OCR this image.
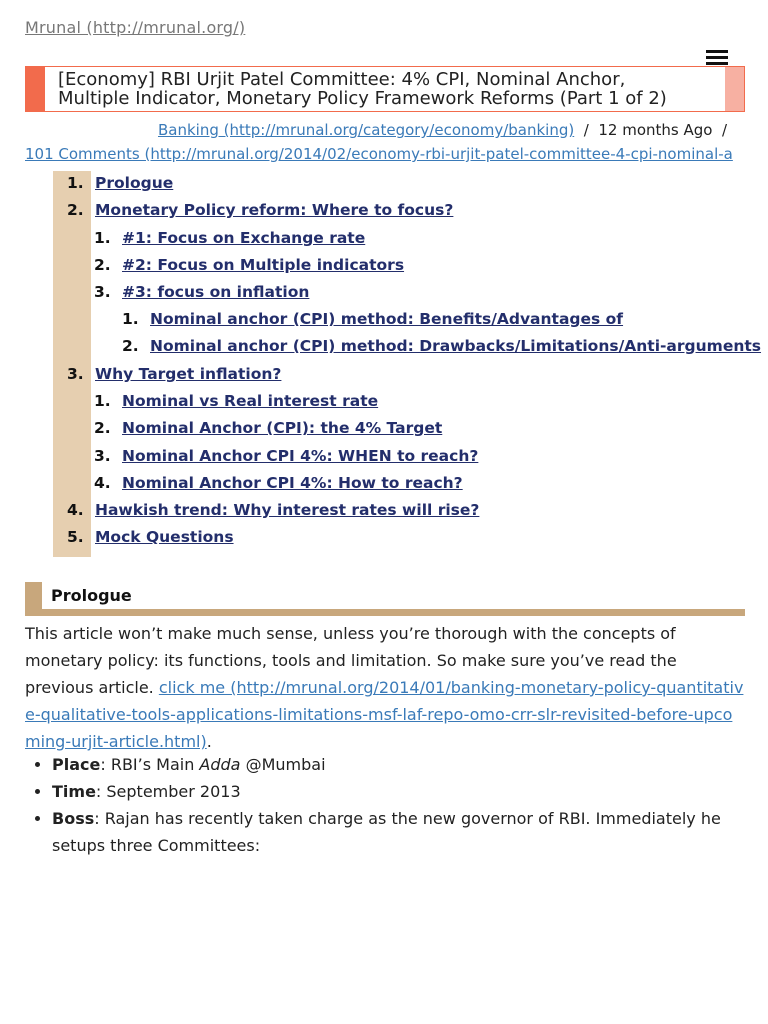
Mrunal (http://mrunal.org/)
[Economy] RBI Urjit Patel Committee: 4% CPI, Nominal Anchor,
Multiple Indicator, Monetary Policy Framework Reforms (Part 1 of 2)
Banking (http://mrunal.org/category/economy/banking) / 12 months Ago /
101 Comments (http://mrunal.org/2014/02/economy-rbi-urjit-patel-committee-4-cpi-nominal-a
1. Prologue
2. Monetary Policy reform: Where to focus?
1. #1: Focus on Exchange rate
2. #2: Focus on Multiple indicators
3. #3: focus on inflation
1. Nominal anchor (CPI) method: Benefits/Advantages of
2. Nominal anchor (CPI) method: Drawbacks/Limitations/Anti-arguments
3. Why Target inflation?
1. Nominal vs Real interest rate
2. Nominal Anchor (CPI): the 4% Target
3. Nominal Anchor CPI 4%: WHEN to reach?
4. Nominal Anchor CPI 4%: How to reach?
4. Hawkish trend: Why interest rates will rise?
5. Mock Questions
Prologue
This article won’t make much sense, unless you’re thorough with the concepts of monetary policy: its functions, tools and limitation. So make sure you’ve read the previous article. click me (http://mrunal.org/2014/01/banking-monetary-policy-quantitative-qualitative-tools-applications-limitations-msf-laf-repo-omo-crr-slr-revisited-before-upcoming-urjit-article.html).
• Place: RBI’s Main Adda @Mumbai
• Time: September 2013
• Boss: Rajan has recently taken charge as the new governor of RBI. Immediately he setups three Committees:
